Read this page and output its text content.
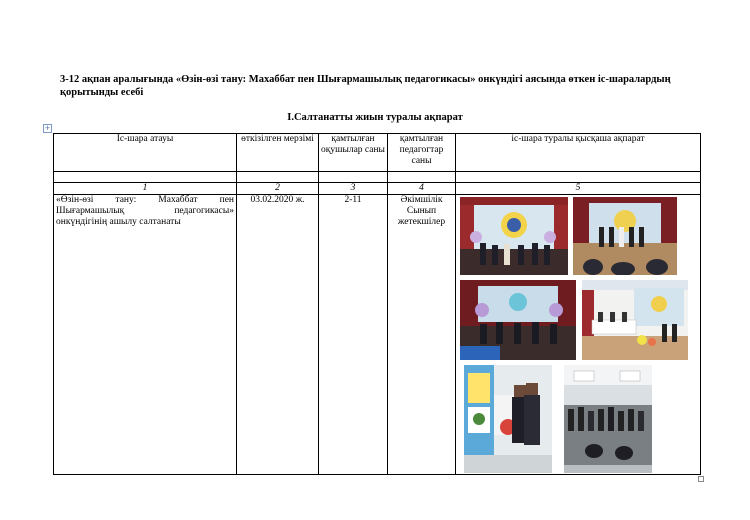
3-12 ақпан аралығында «Өзін-өзі тану: Махаббат пен Шығармашылық педагогикасы» онкүндігі аясында өткен іс-шаралардың қорытынды есебі
I.Салтанатты жиын туралы ақпарат
+
Іс-шара атауы	өткізілген мерзімі	қамтылған оқушылар саны	қамтылған педагогтар саны	іс-шара туралы қысқаша ақпарат

1	2	3	4	5
«Өзін-өзі тану: Махаббат пен Шығармашылық педагогикасы» онкүндігінің ашылу салтанаты	03.02.2020 ж.	2-11	Әкімшілік Сынып жетекшілер	
